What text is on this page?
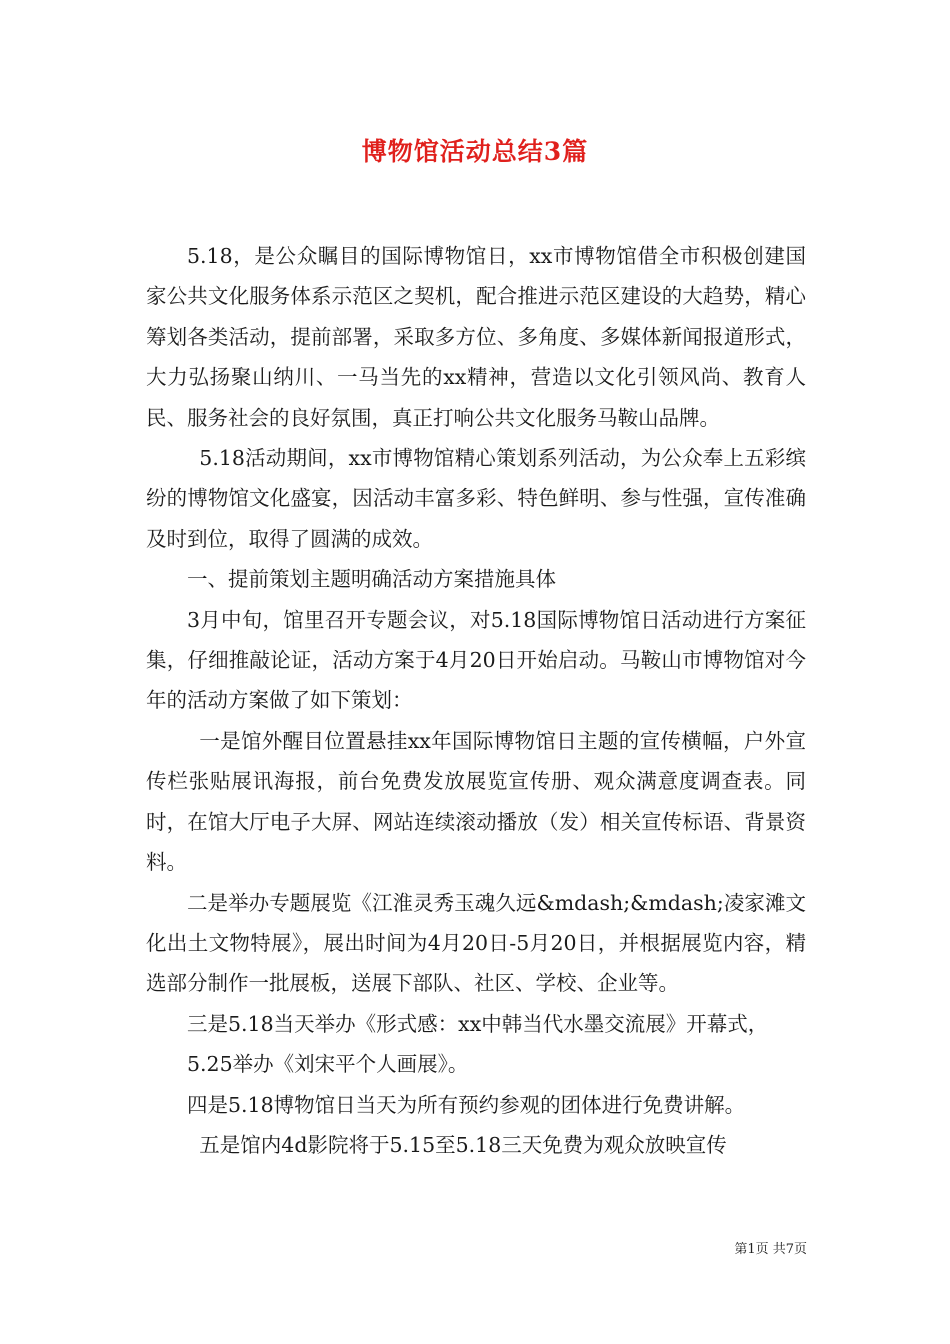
博物馆活动总结3篇

5.18，是公众瞩目的国际博物馆日，xx市博物馆借全市积极创建国家公共文化服务体系示范区之契机，配合推进示范区建设的大趋势，精心筹划各类活动，提前部署，采取多方位、多角度、多媒体新闻报道形式，大力弘扬聚山纳川、一马当先的xx精神，营造以文化引领风尚、教育人民、服务社会的良好氛围，真正打响公共文化服务马鞍山品牌。

5.18活动期间，xx市博物馆精心策划系列活动，为公众奉上五彩缤纷的博物馆文化盛宴，因活动丰富多彩、特色鲜明、参与性强，宣传准确及时到位，取得了圆满的成效。

一、提前策划主题明确活动方案措施具体

3月中旬，馆里召开专题会议，对5.18国际博物馆日活动进行方案征集，仔细推敲论证，活动方案于4月20日开始启动。马鞍山市博物馆对今年的活动方案做了如下策划：

一是馆外醒目位置悬挂xx年国际博物馆日主题的宣传横幅，户外宣传栏张贴展讯海报，前台免费发放展览宣传册、观众满意度调查表。同时，在馆大厅电子大屏、网站连续滚动播放（发）相关宣传标语、背景资料。

二是举办专题展览《江淮灵秀玉魂久远&mdash;&mdash;凌家滩文化出土文物特展》，展出时间为4月20日-5月20日，并根据展览内容，精选部分制作一批展板，送展下部队、社区、学校、企业等。

三是5.18当天举办《形式感：xx中韩当代水墨交流展》开幕式，

5.25举办《刘宋平个人画展》。

四是5.18博物馆日当天为所有预约参观的团体进行免费讲解。

五是馆内4d影院将于5.15至5.18三天免费为观众放映宣传

第1页 共7页
